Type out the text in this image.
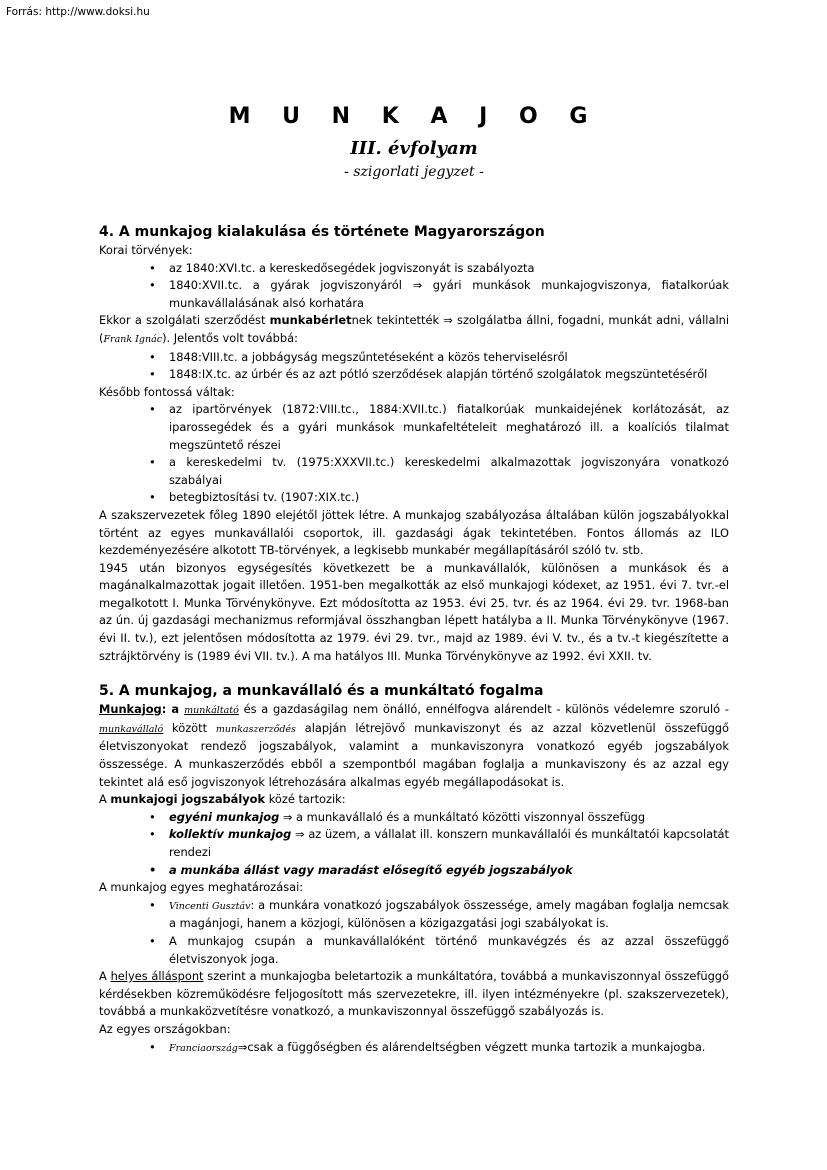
Forrás: http://www.doksi.hu
M U N K A J O G
III. évfolyam
- szigorlati jegyzet -
4. A munkajog kialakulása és története Magyarországon

Korai törvények:

• az 1840:XVI.tc. a kereskedősegédek jogviszonyát is szabályozta
• 1840:XVII.tc. a gyárak jogviszonyáról ⇒ gyári munkások munkajogviszonya, fiatalkorúak munkavállalásának alsó korhatára

Ekkor a szolgálati szerződést munkabérletnek tekintették ⇒ szolgálatba állni, fogadni, munkát adni, vállalni (Frank Ignác). Jelentős volt továbbá:

• 1848:VIII.tc. a jobbágyság megszűntetéseként a közös teherviselésről
• 1848:IX.tc. az úrbér és az azt pótló szerződések alapján történő szolgálatok megszüntetéséről

Később fontossá váltak:

• az ipartörvények (1872:VIII.tc., 1884:XVII.tc.) fiatalkorúak munkaidejének korlátozását, az iparossegédek és a gyári munkások munkafeltételeit meghatározó ill. a koalíciós tilalmat megszüntető részei
• a kereskedelmi tv. (1975:XXXVII.tc.) kereskedelmi alkalmazottak jogviszonyára vonatkozó szabályai
• betegbiztosítási tv. (1907:XIX.tc.)

A szakszervezetek főleg 1890 elejétől jöttek létre. A munkajog szabályozása általában külön jogszabályokkal történt az egyes munkavállalói csoportok, ill. gazdasági ágak tekintetében. Fontos állomás az ILO kezdeményezésére alkotott TB-törvények, a legkisebb munkabér megállapításáról szóló tv. stb.

1945 után bizonyos egységesítés következett be a munkavállalók, különösen a munkások és a magánalkalmazottak jogait illetően. 1951-ben megalkották az első munkajogi kódexet, az 1951. évi 7. tvr.-el megalkotott I. Munka Törvénykönyve. Ezt módosította az 1953. évi 25. tvr. és az 1964. évi 29. tvr. 1968-ban az ún. új gazdasági mechanizmus reformjával összhangban lépett hatályba a II. Munka Törvénykönyve (1967. évi II. tv.), ezt jelentősen módosította az 1979. évi 29. tvr., majd az 1989. évi V. tv., és a tv.-t kiegészítette a sztrájktörvény is (1989 évi VII. tv.). A ma hatályos III. Munka Törvénykönyve az 1992. évi XXII. tv.

5. A munkajog, a munkavállaló és a munkáltató fogalma

Munkajog: a munkáltató és a gazdaságilag nem önálló, ennélfogva alárendelt - különös védelemre szoruló - munkavállaló között munkaszerződés alapján létrejövő munkaviszonyt és az azzal közvetlenül összefüggő életviszonyokat rendező jogszabályok, valamint a munkaviszonyra vonatkozó egyéb jogszabályok összessége. A munkaszerződés ebből a szempontból magában foglalja a munkaviszony és az azzal egy tekintet alá eső jogviszonyok létrehozására alkalmas egyéb megállapodásokat is.

A munkajogi jogszabályok közé tartozik:

• egyéni munkajog ⇒ a munkavállaló és a munkáltató közötti viszonnyal összefügg
• kollektív munkajog ⇒ az üzem, a vállalat ill. konszern munkavállalói és munkáltatói kapcsolatát rendezi
• a munkába állást vagy maradást elősegítő egyéb jogszabályok

A munkajog egyes meghatározásai:

• Vincenti Gusztáv: a munkára vonatkozó jogszabályok összessége, amely magában foglalja nemcsak a magánjogi, hanem a közjogi, különösen a közigazgatási jogi szabályokat is.
• A munkajog csupán a munkavállalóként történő munkavégzés és az azzal összefüggő életviszonyok joga.

A helyes álláspont szerint a munkajogba beletartozik a munkáltatóra, továbbá a munkaviszonnyal összefüggő kérdésekben közreműködésre feljogosított más szervezetekre, ill. ilyen intézményekre (pl. szakszervezetek), továbbá a munkaközvetítésre vonatkozó, a munkaviszonnyal összefüggő szabályozás is.

Az egyes országokban:

• Franciaország⇒csak a függőségben és alárendeltségben végzett munka tartozik a munkajogba.
